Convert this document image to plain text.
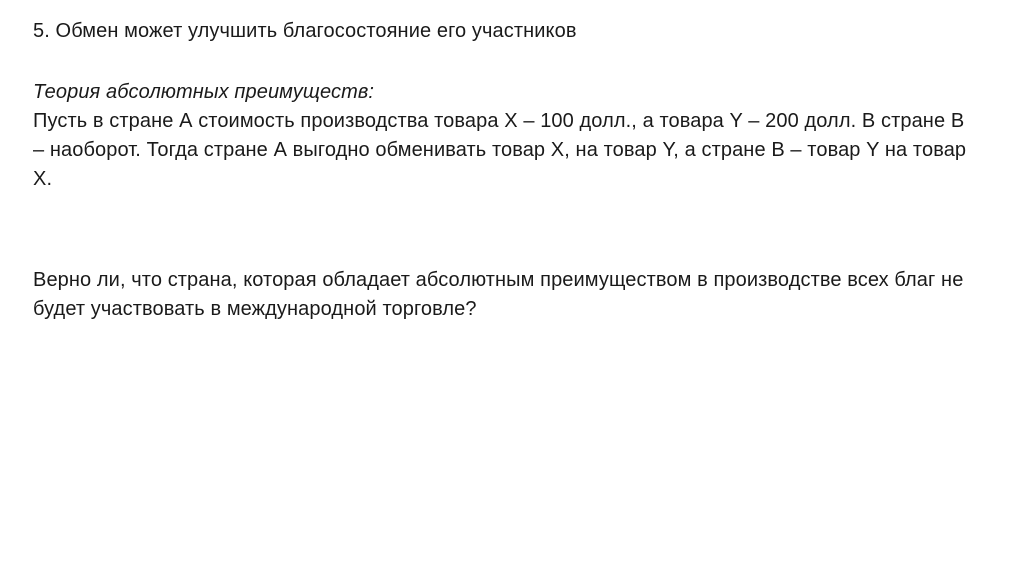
5. Обмен может улучшить благосостояние его участников
Теория абсолютных преимуществ:
Пусть в стране А стоимость производства товара Х – 100 долл., а товара Y – 200 долл. В стране В – наоборот. Тогда стране А выгодно обменивать товар Х, на товар Y, а стране В – товар Y на товар Х.
Верно ли, что страна, которая обладает абсолютным преимуществом в производстве всех благ не будет участвовать в международной торговле?
